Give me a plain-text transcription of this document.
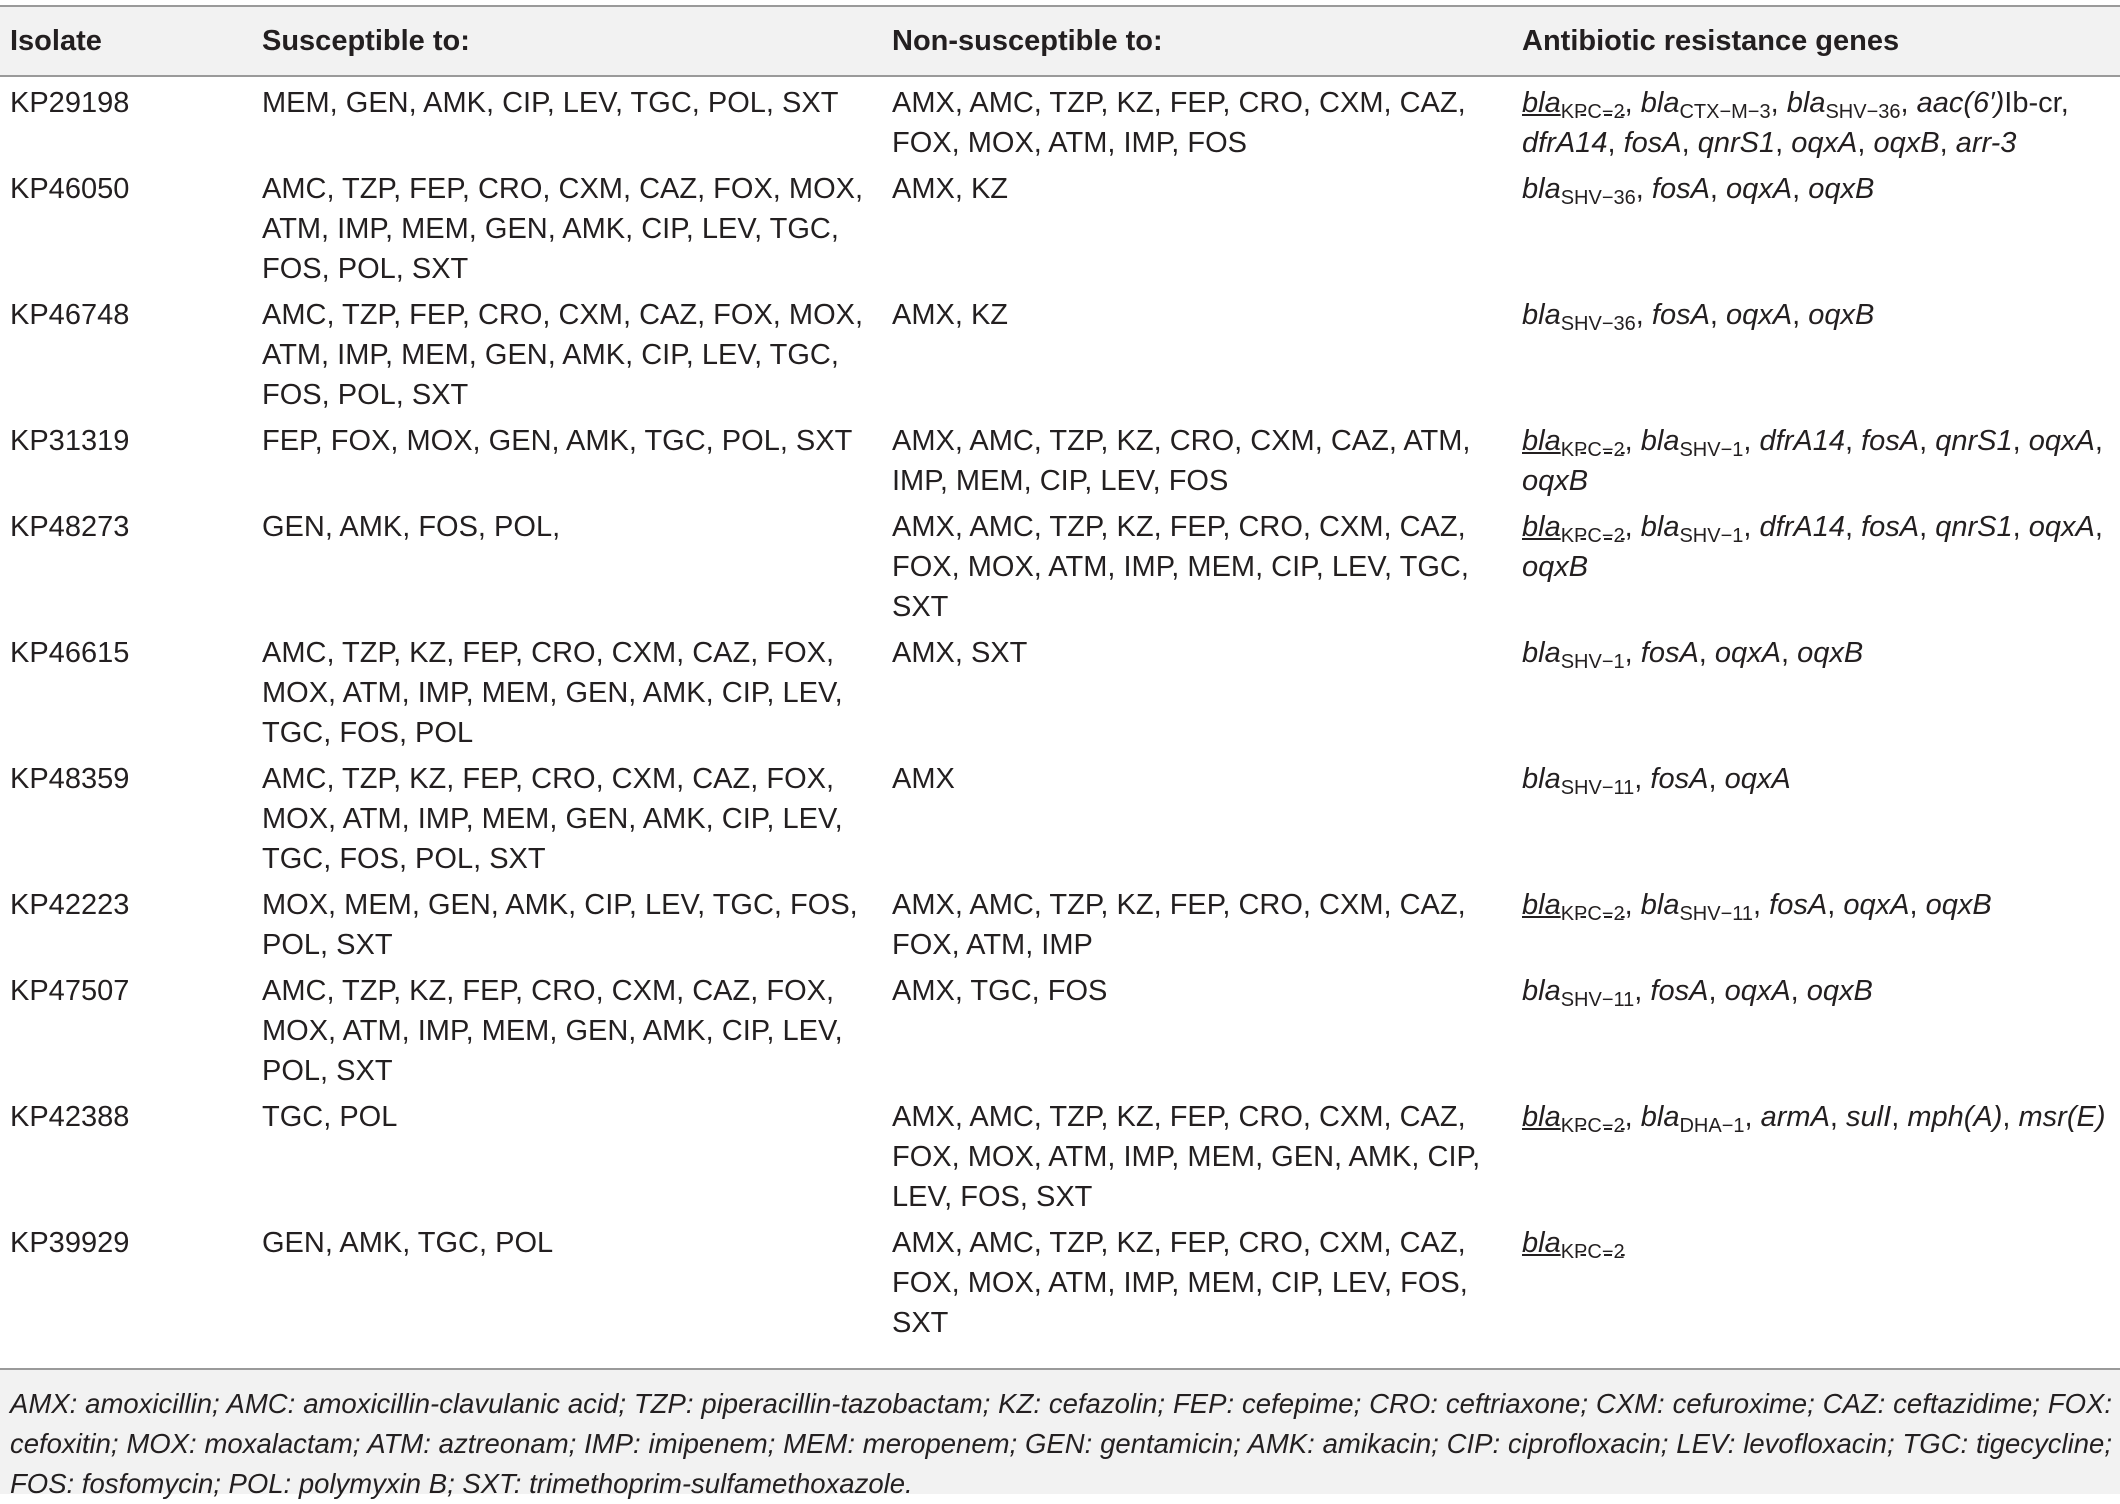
Isolate	Susceptible to:	Non-susceptible to:	Antibiotic resistance genes
KP29198	MEM, GEN, AMK, CIP, LEV, TGC, POL, SXT	AMX, AMC, TZP, KZ, FEP, CRO, CXM, CAZ, FOX, MOX, ATM, IMP, FOS	bla$_{KPC-2}$, bla$_{CTX-M-3}$, bla$_{SHV-36}$, aac(6′)Ib-cr, dfrA14, fosA, qnrS1, oqxA, oqxB, arr-3
KP46050	AMC, TZP, FEP, CRO, CXM, CAZ, FOX, MOX, ATM, IMP, MEM, GEN, AMK, CIP, LEV, TGC, FOS, POL, SXT	AMX, KZ	bla$_{SHV-36}$, fosA, oqxA, oqxB
KP46748	AMC, TZP, FEP, CRO, CXM, CAZ, FOX, MOX, ATM, IMP, MEM, GEN, AMK, CIP, LEV, TGC, FOS, POL, SXT	AMX, KZ	bla$_{SHV-36}$, fosA, oqxA, oqxB
KP31319	FEP, FOX, MOX, GEN, AMK, TGC, POL, SXT	AMX, AMC, TZP, KZ, CRO, CXM, CAZ, ATM, IMP, MEM, CIP, LEV, FOS	bla$_{KPC-2}$, bla$_{SHV-1}$, dfrA14, fosA, qnrS1, oqxA, oqxB
KP48273	GEN, AMK, FOS, POL,	AMX, AMC, TZP, KZ, FEP, CRO, CXM, CAZ, FOX, MOX, ATM, IMP, MEM, CIP, LEV, TGC, SXT	bla$_{KPC-2}$, bla$_{SHV-1}$, dfrA14, fosA, qnrS1, oqxA, oqxB
KP46615	AMC, TZP, KZ, FEP, CRO, CXM, CAZ, FOX, MOX, ATM, IMP, MEM, GEN, AMK, CIP, LEV, TGC, FOS, POL	AMX, SXT	bla$_{SHV-1}$, fosA, oqxA, oqxB
KP48359	AMC, TZP, KZ, FEP, CRO, CXM, CAZ, FOX, MOX, ATM, IMP, MEM, GEN, AMK, CIP, LEV, TGC, FOS, POL, SXT	AMX	bla$_{SHV-11}$, fosA, oqxA
KP42223	MOX, MEM, GEN, AMK, CIP, LEV, TGC, FOS, POL, SXT	AMX, AMC, TZP, KZ, FEP, CRO, CXM, CAZ, FOX, ATM, IMP	bla$_{KPC-2}$, bla$_{SHV-11}$, fosA, oqxA, oqxB
KP47507	AMC, TZP, KZ, FEP, CRO, CXM, CAZ, FOX, MOX, ATM, IMP, MEM, GEN, AMK, CIP, LEV, POL, SXT	AMX, TGC, FOS	bla$_{SHV-11}$, fosA, oqxA, oqxB
KP42388	TGC, POL	AMX, AMC, TZP, KZ, FEP, CRO, CXM, CAZ, FOX, MOX, ATM, IMP, MEM, GEN, AMK, CIP, LEV, FOS, SXT	bla$_{KPC-2}$, bla$_{DHA-1}$, armA, sulI, mph(A), msr(E)
KP39929	GEN, AMK, TGC, POL	AMX, AMC, TZP, KZ, FEP, CRO, CXM, CAZ, FOX, MOX, ATM, IMP, MEM, CIP, LEV, FOS, SXT	bla$_{KPC-2}$

AMX: amoxicillin; AMC: amoxicillin-clavulanic acid; TZP: piperacillin-tazobactam; KZ: cefazolin; FEP: cefepime; CRO: ceftriaxone; CXM: cefuroxime; CAZ: ceftazidime; FOX: cefoxitin; MOX: moxalactam; ATM: aztreonam; IMP: imipenem; MEM: meropenem; GEN: gentamicin; AMK: amikacin; CIP: ciprofloxacin; LEV: levofloxacin; TGC: tigecycline; FOS: fosfomycin; POL: polymyxin B; SXT: trimethoprim-sulfamethoxazole.
